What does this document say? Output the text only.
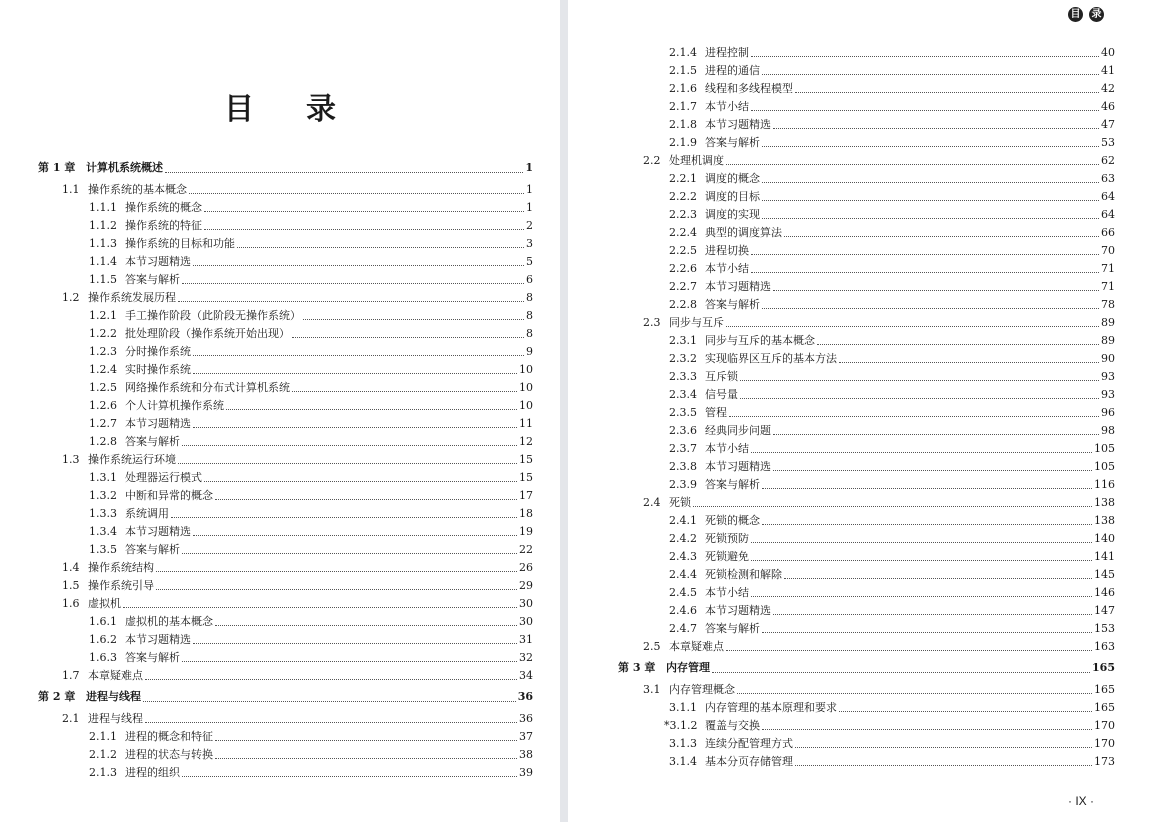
目 录
第 1 章 计算机系统概述	1
1.1 操作系统的基本概念	1
1.1.1 操作系统的概念	1
1.1.2 操作系统的特征	2
1.1.3 操作系统的目标和功能	3
1.1.4 本节习题精选	5
1.1.5 答案与解析	6
1.2 操作系统发展历程	8
1.2.1 手工操作阶段（此阶段无操作系统）	8
1.2.2 批处理阶段（操作系统开始出现）	8
1.2.3 分时操作系统	9
1.2.4 实时操作系统	10
1.2.5 网络操作系统和分布式计算机系统	10
1.2.6 个人计算机操作系统	10
1.2.7 本节习题精选	11
1.2.8 答案与解析	12
1.3 操作系统运行环境	15
1.3.1 处理器运行模式	15
1.3.2 中断和异常的概念	17
1.3.3 系统调用	18
1.3.4 本节习题精选	19
1.3.5 答案与解析	22
1.4 操作系统结构	26
1.5 操作系统引导	29
1.6 虚拟机	30
1.6.1 虚拟机的基本概念	30
1.6.2 本节习题精选	31
1.6.3 答案与解析	32
1.7 本章疑难点	34
第 2 章 进程与线程	36
2.1 进程与线程	36
2.1.1 进程的概念和特征	37
2.1.2 进程的状态与转换	38
2.1.3 进程的组织	39
目 录
2.1.4 进程控制	40
2.1.5 进程的通信	41
2.1.6 线程和多线程模型	42
2.1.7 本节小结	46
2.1.8 本节习题精选	47
2.1.9 答案与解析	53
2.2 处理机调度	62
2.2.1 调度的概念	63
2.2.2 调度的目标	64
2.2.3 调度的实现	64
2.2.4 典型的调度算法	66
2.2.5 进程切换	70
2.2.6 本节小结	71
2.2.7 本节习题精选	71
2.2.8 答案与解析	78
2.3 同步与互斥	89
2.3.1 同步与互斥的基本概念	89
2.3.2 实现临界区互斥的基本方法	90
2.3.3 互斥锁	93
2.3.4 信号量	93
2.3.5 管程	96
2.3.6 经典同步问题	98
2.3.7 本节小结	105
2.3.8 本节习题精选	105
2.3.9 答案与解析	116
2.4 死锁	138
2.4.1 死锁的概念	138
2.4.2 死锁预防	140
2.4.3 死锁避免	141
2.4.4 死锁检测和解除	145
2.4.5 本节小结	146
2.4.6 本节习题精选	147
2.4.7 答案与解析	153
2.5 本章疑难点	163
第 3 章 内存管理	165
3.1 内存管理概念	165
3.1.1 内存管理的基本原理和要求	165
*3.1.2 覆盖与交换	170
3.1.3 连续分配管理方式	170
3.1.4 基本分页存储管理	173
· IX ·
